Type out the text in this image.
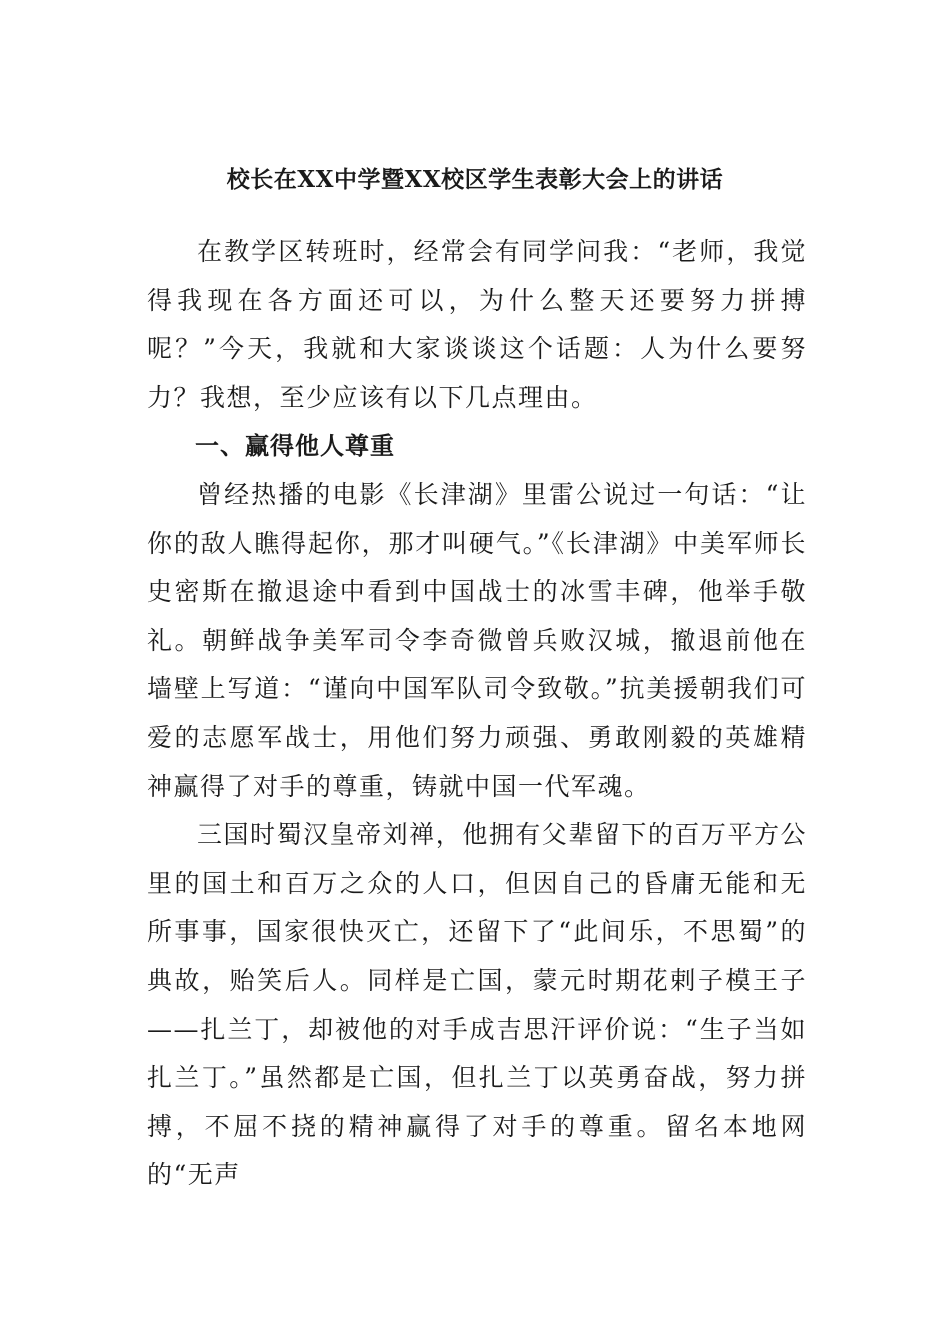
校长在XX中学暨XX校区学生表彰大会上的讲话

在教学区转班时，经常会有同学问我：“老师，我觉得我现在各方面还可以，为什么整天还要努力拼搏呢？”今天，我就和大家谈谈这个话题：人为什么要努力？我想，至少应该有以下几点理由。

一、赢得他人尊重

曾经热播的电影《长津湖》里雷公说过一句话：“让你的敌人瞧得起你，那才叫硬气。”《长津湖》中美军师长史密斯在撤退途中看到中国战士的冰雪丰碑，他举手敬礼。朝鲜战争美军司令李奇微曾兵败汉城，撤退前他在墙壁上写道：“谨向中国军队司令致敬。”抗美援朝我们可爱的志愿军战士，用他们努力顽强、勇敢刚毅的英雄精神赢得了对手的尊重，铸就中国一代军魂。

三国时蜀汉皇帝刘禅，他拥有父辈留下的百万平方公里的国土和百万之众的人口，但因自己的昏庸无能和无所事事，国家很快灭亡，还留下了“此间乐，不思蜀”的典故，贻笑后人。同样是亡国，蒙元时期花剌子模王子——扎兰丁，却被他的对手成吉思汗评价说：“生子当如扎兰丁。”虽然都是亡国，但扎兰丁以英勇奋战，努力拼搏，不屈不挠的精神赢得了对手的尊重。留名本地网的“无声
